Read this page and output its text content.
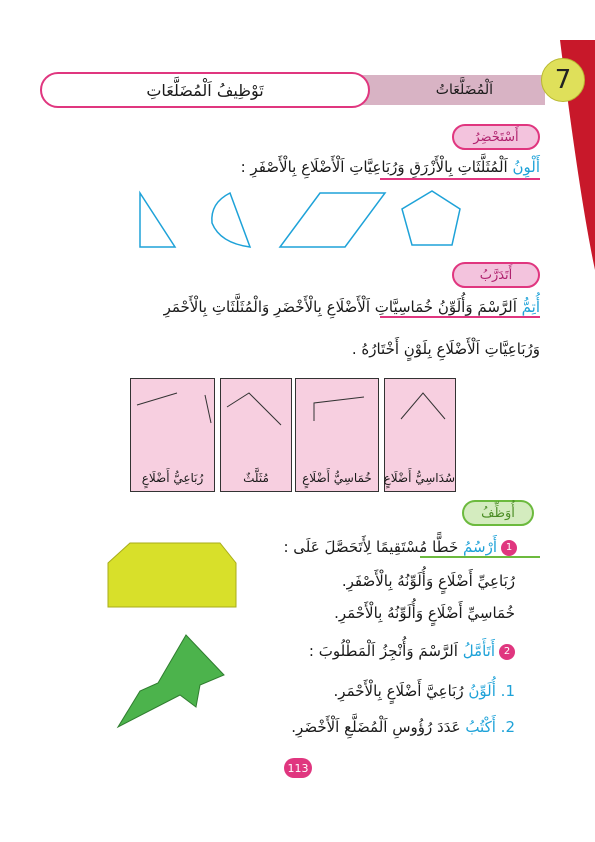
اَلْمُضَلَّعَاتُ 7
تَوْظِيفُ اَلْمُضَلَّعَاتِ
أَسْتَحْضِرُ
أَلْوِنُ اَلْمُثَلَّثَاتِ بِالْأَزْرَقِ وَرُبَاعِيَّاتِ اَلْأَضْلَاعِ بِالْأَصْفَرِ :
أَتَدَرَّبُ
أُتِمُّ اَلرَّسْمَ وَأُلَوِّنُ خُمَاسِيَّاتِ اَلْأَضْلَاعِ بِالْأَخْضَرِ وَالْمُثَلَّثَاتِ بِالْأَحْمَرِ
وَرُبَاعِيَّاتِ اَلْأَضْلَاعِ بِلَوْنٍ أَخْتَارُهُ .
سُدَاسِيُّ أَضْلَاعٍ
خُمَاسِيُّ أَضْلَاعٍ
مُثَلَّثٌ
رُبَاعِيُّ أَضْلَاعٍ
أُوَظِّفُ
1أَرْسُمُ خَطًّا مُسْتَقِيمًا لِأَتَحَصَّلَ عَلَى :
رُبَاعِيِّ أَضْلَاعٍ وَأُلَوِّنُهُ بِالْأَصْفَرِ.
خُمَاسِيِّ أَضْلَاعٍ وَأُلَوِّنُهُ بِالْأَحْمَرِ.
2أَتَأَمَّلُ اَلرَّسْمَ وَأُنْجِزُ اَلْمَطْلُوبَ :
1. أُلَوِّنُ رُبَاعِيَّ أَضْلَاعٍ بِالْأَحْمَرِ.
2. أَكْتُبُ عَدَدَ رُؤُوسِ اَلْمُضَلَّعِ اَلْأَخْضَرِ.
113
